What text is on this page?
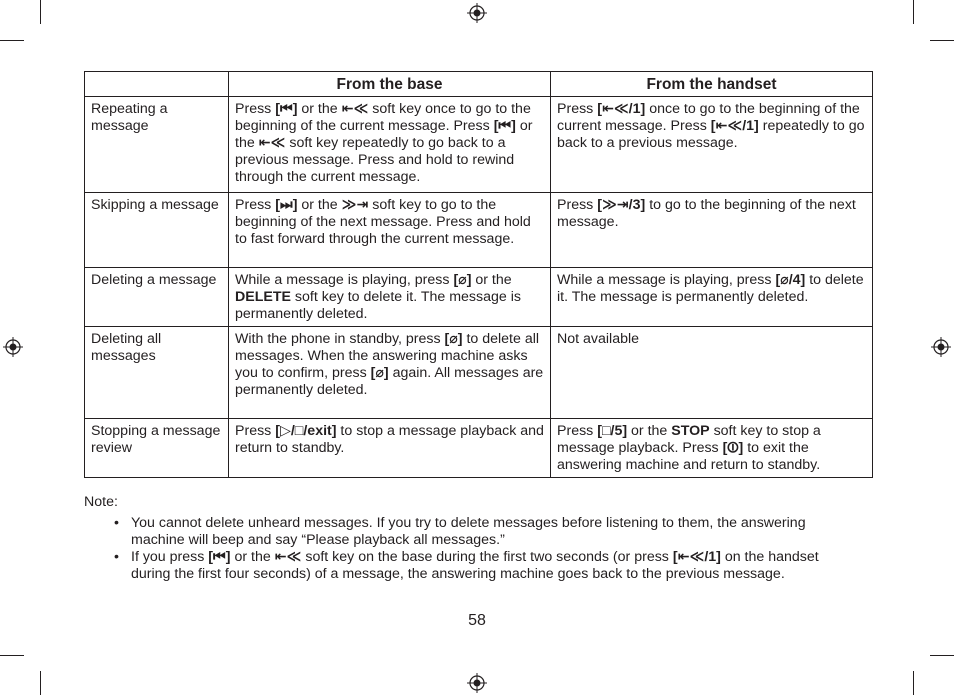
	From the base	From the handset
Repeating a message	Press [⏮] or the ⇤≪ soft key once to go to the beginning of the current message. Press [⏮] or the ⇤≪ soft key repeatedly to go back to a previous message. Press and hold to rewind through the current message.	Press [⇤≪/1] once to go to the beginning of the current message. Press [⇤≪/1] repeatedly to go back to a previous message.
Skipping a message	Press [⏭] or the ≫⇥ soft key to go to the beginning of the next message. Press and hold to fast forward through the current message.	Press [≫⇥/3] to go to the beginning of the next message.
Deleting a message	While a message is playing, press [⌀] or the DELETE soft key to delete it. The message is permanently deleted.	While a message is playing, press [⌀/4] to delete it. The message is permanently deleted.
Deleting all messages	With the phone in standby, press [⌀] to delete all messages. When the answering machine asks you to confirm, press [⌀] again. All messages are permanently deleted.	Not available
Stopping a message review	Press [▷/□/exit] to stop a message playback and return to standby.	Press [□/5] or the STOP soft key to stop a message playback. Press [⏼] to exit the answering machine and return to standby.
Note:
• You cannot delete unheard messages. If you try to delete messages before listening to them, the answering machine will beep and say “Please playback all messages.”
• If you press [⏮] or the ⇤≪ soft key on the base during the first two seconds (or press [⇤≪/1] on the handset during the first four seconds) of a message, the answering machine goes back to the previous message.
58
